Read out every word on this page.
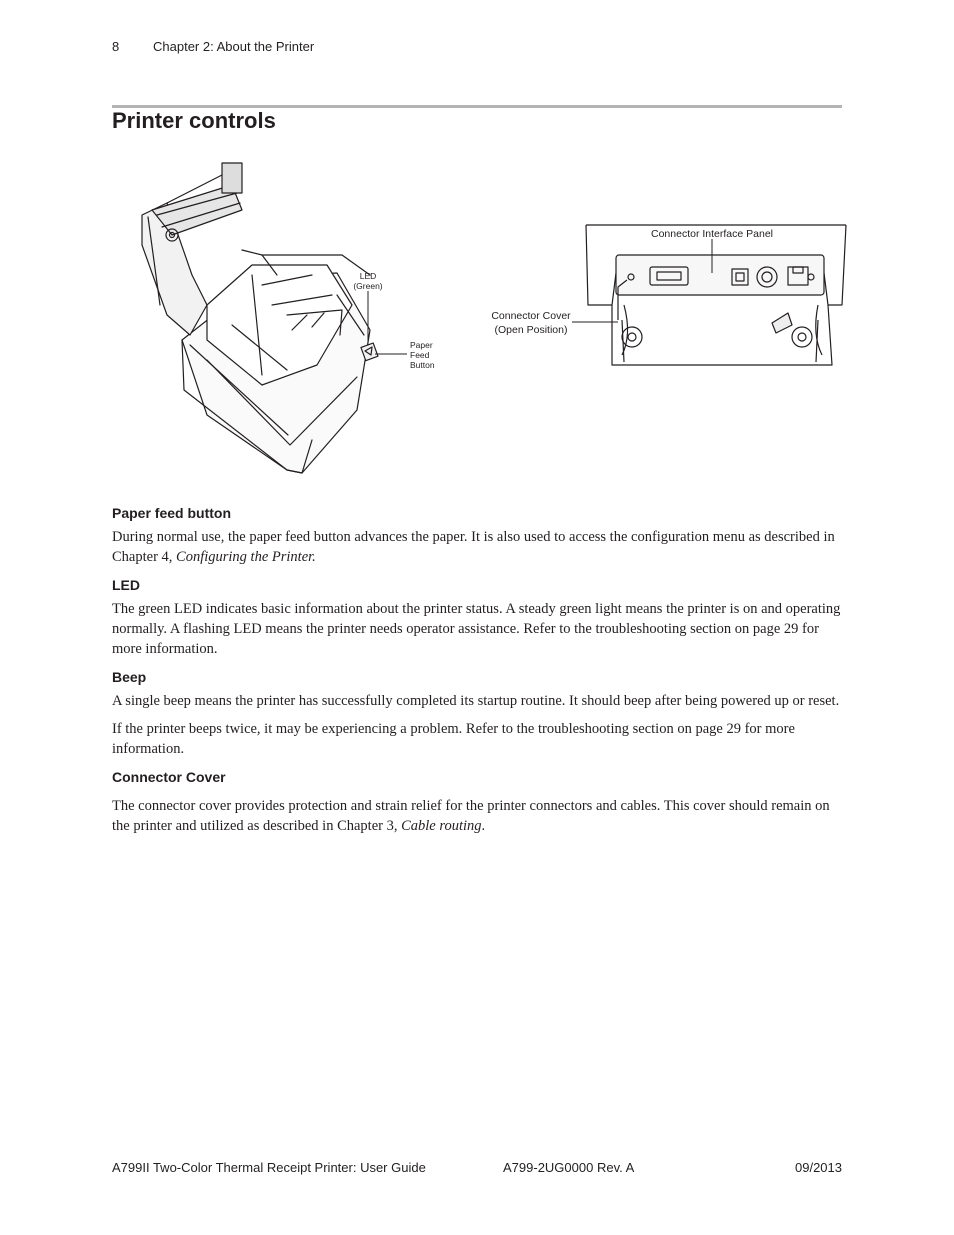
8	Chapter 2: About the Printer
Printer controls
LED
(Green)
Paper
Feed
Button
Connector Interface Panel
Connector Cover
(Open Position)
Paper feed button

During normal use, the paper feed button advances the paper. It is also used to access the configuration menu as described in Chapter 4, Configuring the Printer.

LED

The green LED indicates basic information about the printer status. A steady green light means the printer is on and operating normally. A flashing LED means the printer needs operator assistance. Refer to the troubleshooting section on page 29 for more information.

Beep

A single beep means the printer has successfully completed its startup routine. It should beep after being powered up or reset.

If the printer beeps twice, it may be experiencing a problem. Refer to the troubleshooting section on page 29 for more information.

Connector Cover

The connector cover provides protection and strain relief for the printer connectors and cables. This cover should remain on the printer and utilized as described in Chapter 3, Cable routing.

A799II Two-Color Thermal Receipt Printer: User Guide	A799-2UG0000 Rev. A	09/2013
